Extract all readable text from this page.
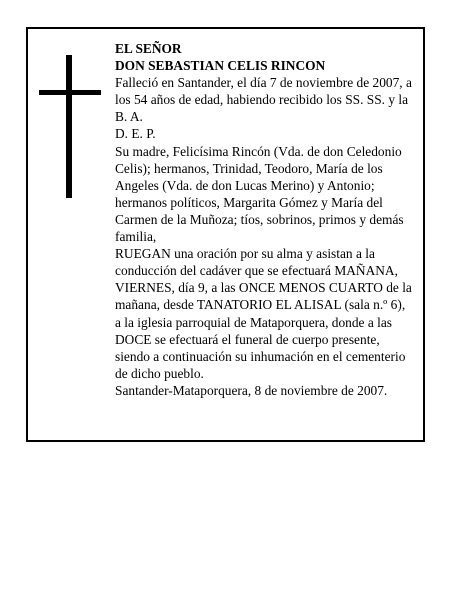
EL SEÑOR

DON SEBASTIAN CELIS RINCON

Falleció en Santander, el día 7 de noviembre de 2007, a

los 54 años de edad, habiendo recibido los SS. SS. y la

B. A.

D. E. P.

Su madre, Felicísima Rincón (Vda. de don Celedonio

Celis); hermanos, Trinidad, Teodoro, María de los

Angeles (Vda. de don Lucas Merino) y Antonio;

hermanos políticos, Margarita Gómez y María del

Carmen de la Muñoza; tíos, sobrinos, primos y demás

familia,

RUEGAN una oración por su alma y asistan a la

conducción del cadáver que se efectuará MAÑANA,

VIERNES, día 9, a las ONCE MENOS CUARTO de la

mañana, desde TANATORIO EL ALISAL (sala n.º 6),

a la iglesia parroquial de Mataporquera, donde a las

DOCE se efectuará el funeral de cuerpo presente,

siendo a continuación su inhumación en el cementerio

de dicho pueblo.

Santander-Mataporquera, 8 de noviembre de 2007.
